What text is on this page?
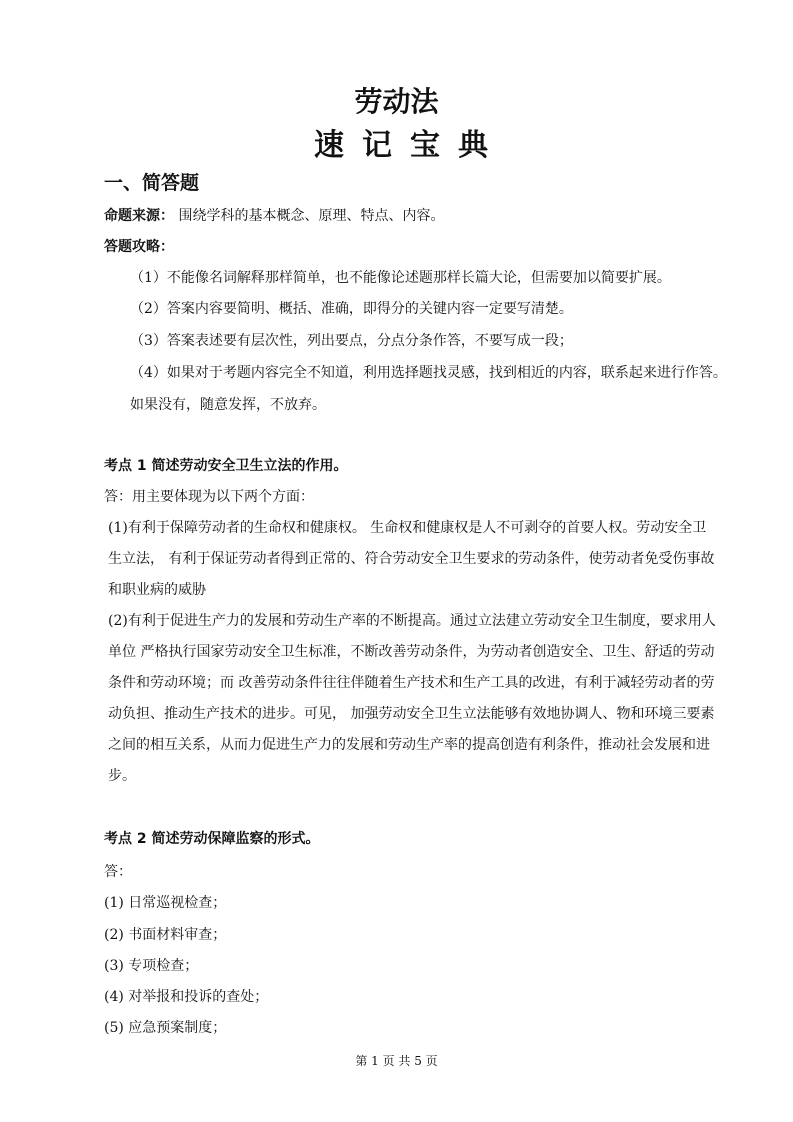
劳动法
速记宝典
一、简答题
命题来源： 围绕学科的基本概念、原理、特点、内容。
答题攻略：
（1）不能像名词解释那样简单，也不能像论述题那样长篇大论，但需要加以简要扩展。
（2）答案内容要简明、概括、准确，即得分的关键内容一定要写清楚。
（3）答案表述要有层次性，列出要点，分点分条作答，不要写成一段；
（4）如果对于考题内容完全不知道，利用选择题找灵感，找到相近的内容，联系起来进行作答。
如果没有，随意发挥，不放弃。
考点 1 简述劳动安全卫生立法的作用。
答：用主要体现为以下两个方面：
(1)有利于保障劳动者的生命权和健康权。 生命权和健康权是人不可剥夺的首要人权。劳动安全卫
生立法， 有利于保证劳动者得到正常的、符合劳动安全卫生要求的劳动条件，使劳动者免受伤事故
和职业病的威胁
(2)有利于促进生产力的发展和劳动生产率的不断提高。通过立法建立劳动安全卫生制度，要求用人
单位 严格执行国家劳动安全卫生标准，不断改善劳动条件，为劳动者创造安全、卫生、舒适的劳动
条件和劳动环境；而 改善劳动条件往往伴随着生产技术和生产工具的改进，有利于减轻劳动者的劳
动负担、推动生产技术的进步。可见， 加强劳动安全卫生立法能够有效地协调人、物和环境三要素
之间的相互关系，从而力促进生产力的发展和劳动生产率的提高创造有利条件，推动社会发展和进
步。
考点 2 简述劳动保障监察的形式。
答：
(1) 日常巡视检查；
(2) 书面材料审查；
(3) 专项检查；
(4) 对举报和投诉的查处；
(5) 应急预案制度；
第 1 页 共 5 页
